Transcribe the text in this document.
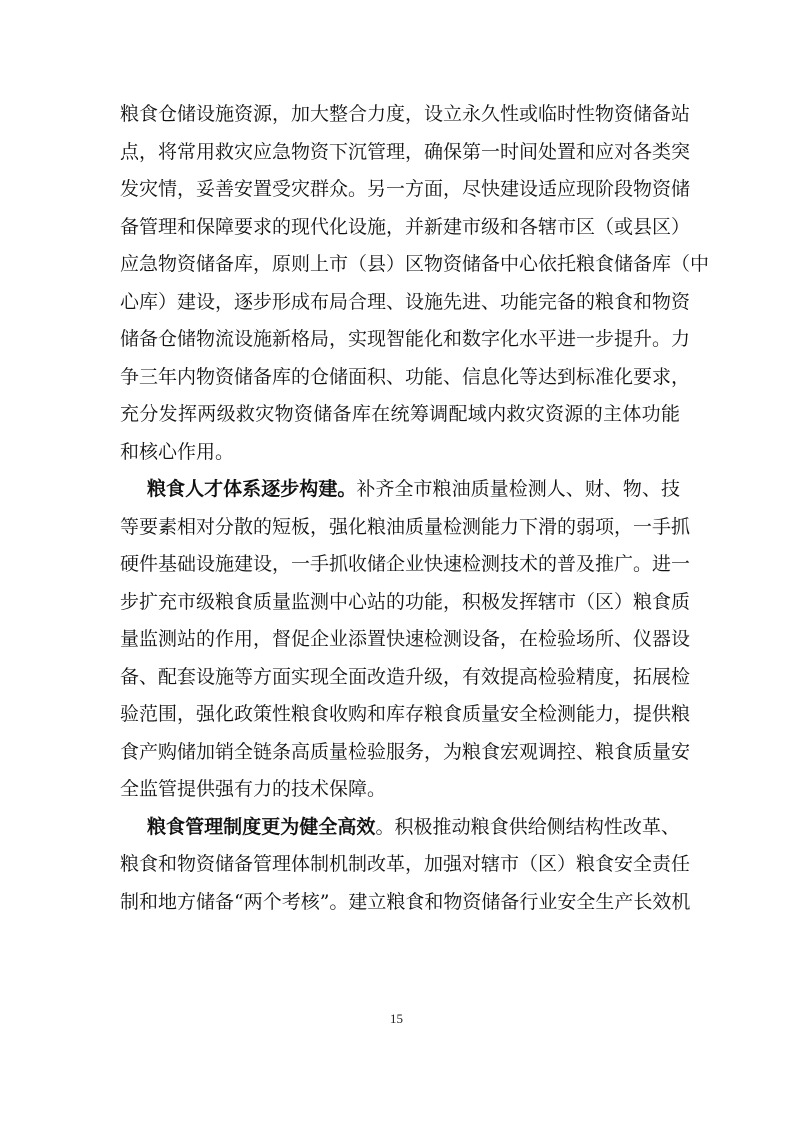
粮食仓储设施资源，加大整合力度，设立永久性或临时性物资储备站
点，将常用救灾应急物资下沉管理，确保第一时间处置和应对各类突
发灾情，妥善安置受灾群众。另一方面，尽快建设适应现阶段物资储
备管理和保障要求的现代化设施，并新建市级和各辖市区（或县区）
应急物资储备库，原则上市（县）区物资储备中心依托粮食储备库（中
心库）建设，逐步形成布局合理、设施先进、功能完备的粮食和物资
储备仓储物流设施新格局，实现智能化和数字化水平进一步提升。力
争三年内物资储备库的仓储面积、功能、信息化等达到标准化要求，
充分发挥两级救灾物资储备库在统筹调配域内救灾资源的主体功能
和核心作用。
粮食人才体系逐步构建。补齐全市粮油质量检测人、财、物、技
等要素相对分散的短板，强化粮油质量检测能力下滑的弱项，一手抓
硬件基础设施建设，一手抓收储企业快速检测技术的普及推广。进一
步扩充市级粮食质量监测中心站的功能，积极发挥辖市（区）粮食质
量监测站的作用，督促企业添置快速检测设备，在检验场所、仪器设
备、配套设施等方面实现全面改造升级，有效提高检验精度，拓展检
验范围，强化政策性粮食收购和库存粮食质量安全检测能力，提供粮
食产购储加销全链条高质量检验服务，为粮食宏观调控、粮食质量安
全监管提供强有力的技术保障。
粮食管理制度更为健全高效。积极推动粮食供给侧结构性改革、
粮食和物资储备管理体制机制改革，加强对辖市（区）粮食安全责任
制和地方储备“两个考核”。建立粮食和物资储备行业安全生产长效机
15
